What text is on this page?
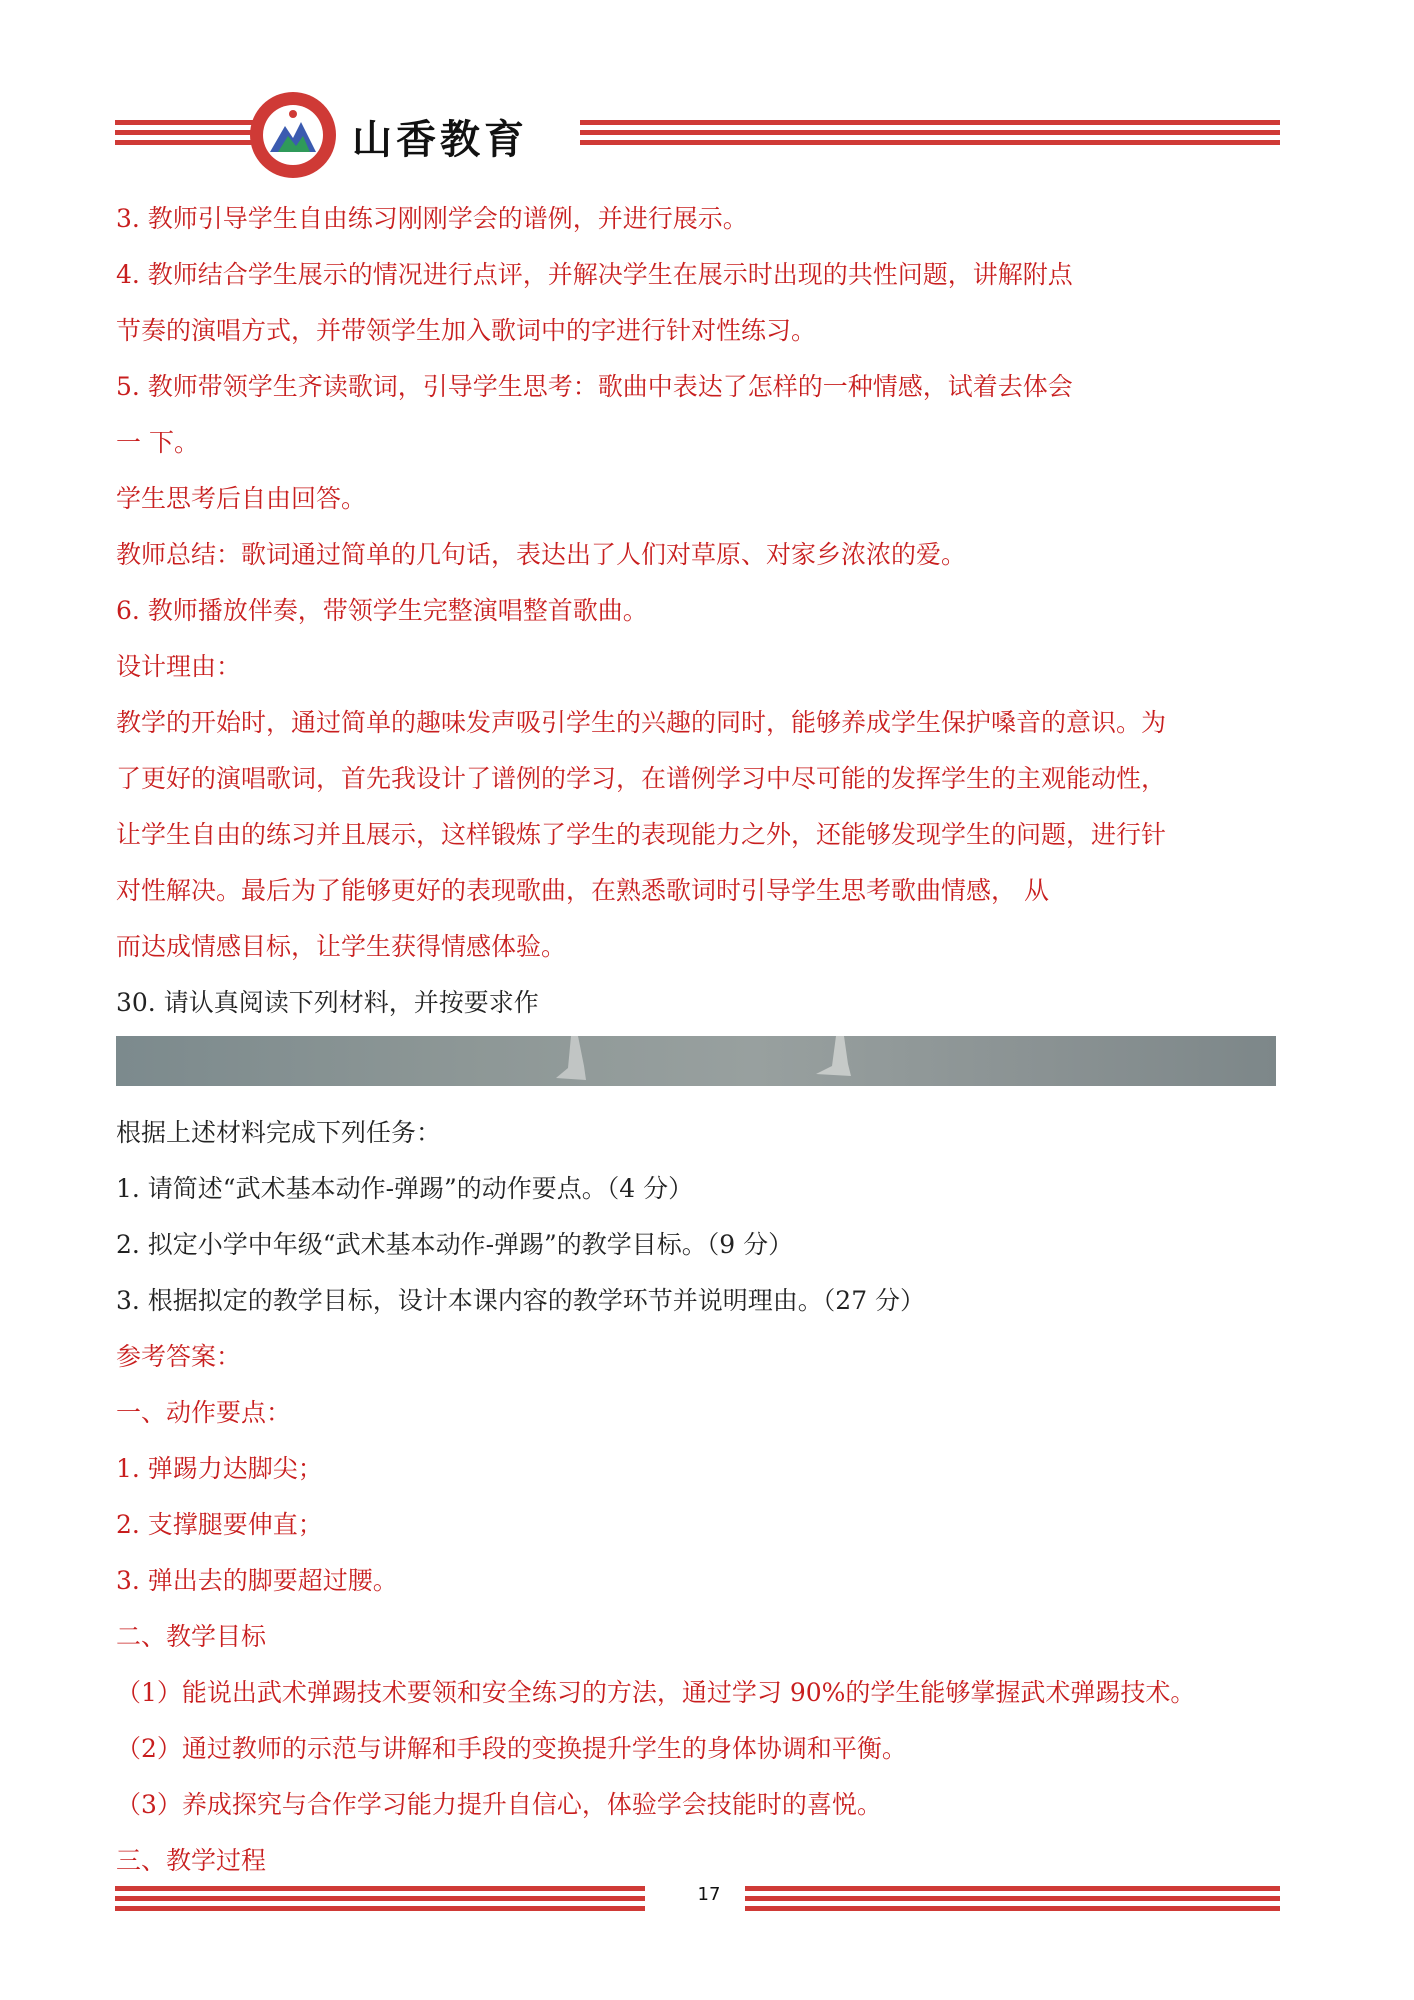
山香教育
3. 教师引导学生自由练习刚刚学会的谱例，并进行展示。
4. 教师结合学生展示的情况进行点评，并解决学生在展示时出现的共性问题，讲解附点
节奏的演唱方式，并带领学生加入歌词中的字进行针对性练习。
5. 教师带领学生齐读歌词，引导学生思考：歌曲中表达了怎样的一种情感，试着去体会
一 下。
学生思考后自由回答。
教师总结：歌词通过简单的几句话，表达出了人们对草原、对家乡浓浓的爱。
6. 教师播放伴奏，带领学生完整演唱整首歌曲。
设计理由：
教学的开始时，通过简单的趣味发声吸引学生的兴趣的同时，能够养成学生保护嗓音的意识。为
了更好的演唱歌词，首先我设计了谱例的学习，在谱例学习中尽可能的发挥学生的主观能动性，
让学生自由的练习并且展示，这样锻炼了学生的表现能力之外，还能够发现学生的问题，进行针
对性解决。最后为了能够更好的表现歌曲，在熟悉歌词时引导学生思考歌曲情感， 从
而达成情感目标，让学生获得情感体验。
30. 请认真阅读下列材料，并按要求作
根据上述材料完成下列任务：
1. 请简述“武术基本动作-弹踢”的动作要点。（4 分）
2. 拟定小学中年级“武术基本动作-弹踢”的教学目标。（9 分）
3. 根据拟定的教学目标，设计本课内容的教学环节并说明理由。（27 分）
参考答案：
一、动作要点：
1. 弹踢力达脚尖；
2. 支撑腿要伸直；
3. 弹出去的脚要超过腰。
二、教学目标
（1）能说出武术弹踢技术要领和安全练习的方法，通过学习 90%的学生能够掌握武术弹踢技术。
（2）通过教师的示范与讲解和手段的变换提升学生的身体协调和平衡。
（3）养成探究与合作学习能力提升自信心，体验学会技能时的喜悦。
三、教学过程
17
